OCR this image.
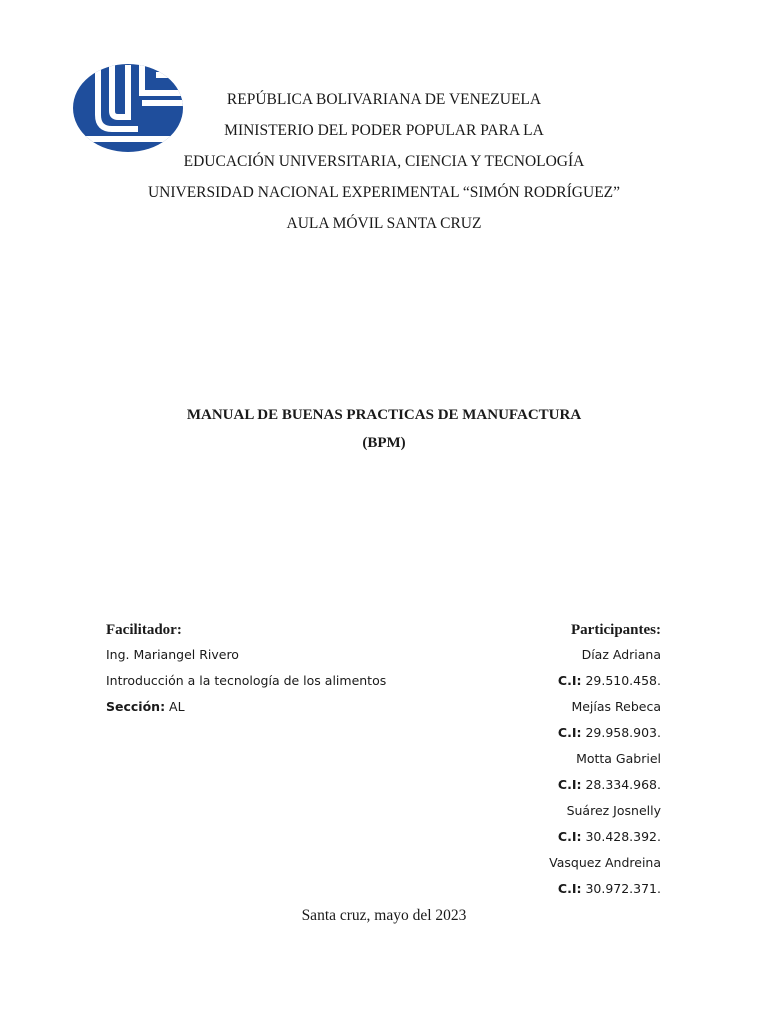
REPÚBLICA BOLIVARIANA DE VENEZUELA
MINISTERIO DEL PODER POPULAR PARA LA
EDUCACIÓN UNIVERSITARIA, CIENCIA Y TECNOLOGÍA
UNIVERSIDAD NACIONAL EXPERIMENTAL “SIMÓN RODRÍGUEZ”
AULA MÓVIL SANTA CRUZ
MANUAL DE BUENAS PRACTICAS DE MANUFACTURA
(BPM)
Facilitador:
Ing. Mariangel Rivero
Introducción a la tecnología de los alimentos
Sección: AL
Participantes:
Díaz Adriana
C.I: 29.510.458.
Mejías Rebeca
C.I: 29.958.903.
Motta Gabriel
C.I: 28.334.968.
Suárez Josnelly
C.I: 30.428.392.
Vasquez Andreina
C.I: 30.972.371.
Santa cruz, mayo del 2023
